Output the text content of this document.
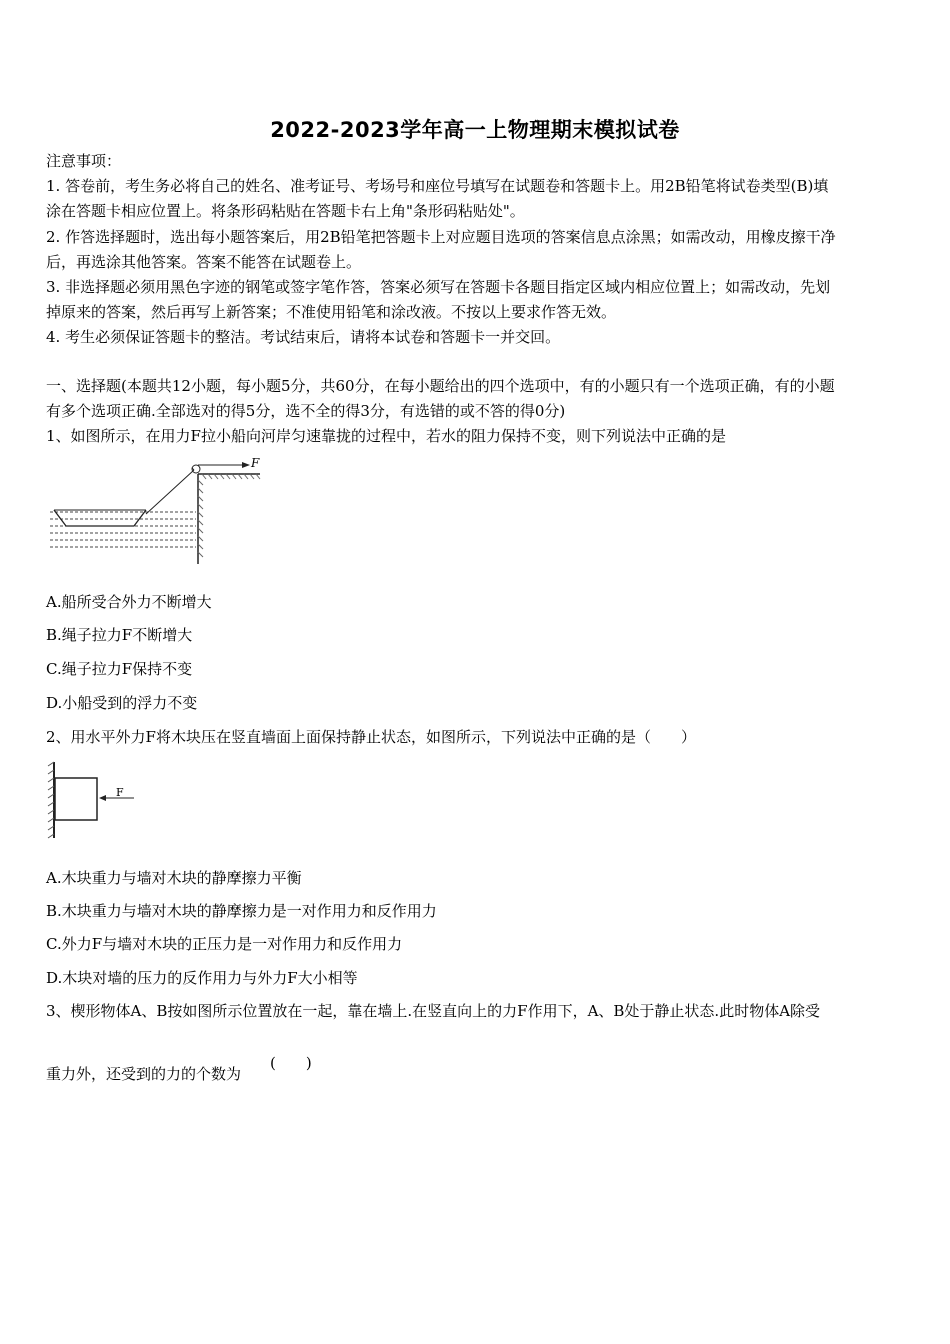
2022-2023学年高一上物理期末模拟试卷
注意事项：
1. 答卷前，考生务必将自己的姓名、准考证号、考场号和座位号填写在试题卷和答题卡上。用2B铅笔将试卷类型(B)填
涂在答题卡相应位置上。将条形码粘贴在答题卡右上角"条形码粘贴处"。
2. 作答选择题时，选出每小题答案后，用2B铅笔把答题卡上对应题目选项的答案信息点涂黑；如需改动，用橡皮擦干净
后，再选涂其他答案。答案不能答在试题卷上。
3. 非选择题必须用黑色字迹的钢笔或签字笔作答，答案必须写在答题卡各题目指定区域内相应位置上；如需改动，先划
掉原来的答案，然后再写上新答案；不准使用铅笔和涂改液。不按以上要求作答无效。
4. 考生必须保证答题卡的整洁。考试结束后，请将本试卷和答题卡一并交回。
一、选择题(本题共12小题，每小题5分，共60分，在每小题给出的四个选项中，有的小题只有一个选项正确，有的小题
有多个选项正确.全部选对的得5分，选不全的得3分，有选错的或不答的得0分)
1、如图所示，在用力F拉小船向河岸匀速靠拢的过程中，若水的阻力保持不变，则下列说法中正确的是
F
A.船所受合外力不断增大
B.绳子拉力F不断增大
C.绳子拉力F保持不变
D.小船受到的浮力不变
2、用水平外力F将木块压在竖直墙面上面保持静止状态，如图所示，下列说法中正确的是（　　）
F
A.木块重力与墙对木块的静摩擦力平衡
B.木块重力与墙对木块的静摩擦力是一对作用力和反作用力
C.外力F与墙对木块的正压力是一对作用力和反作用力
D.木块对墙的压力的反作用力与外力F大小相等
3、楔形物体A、B按如图所示位置放在一起，靠在墙上.在竖直向上的力F作用下，A、B处于静止状态.此时物体A除受
重力外，还受到的力的个数为
(　　)
